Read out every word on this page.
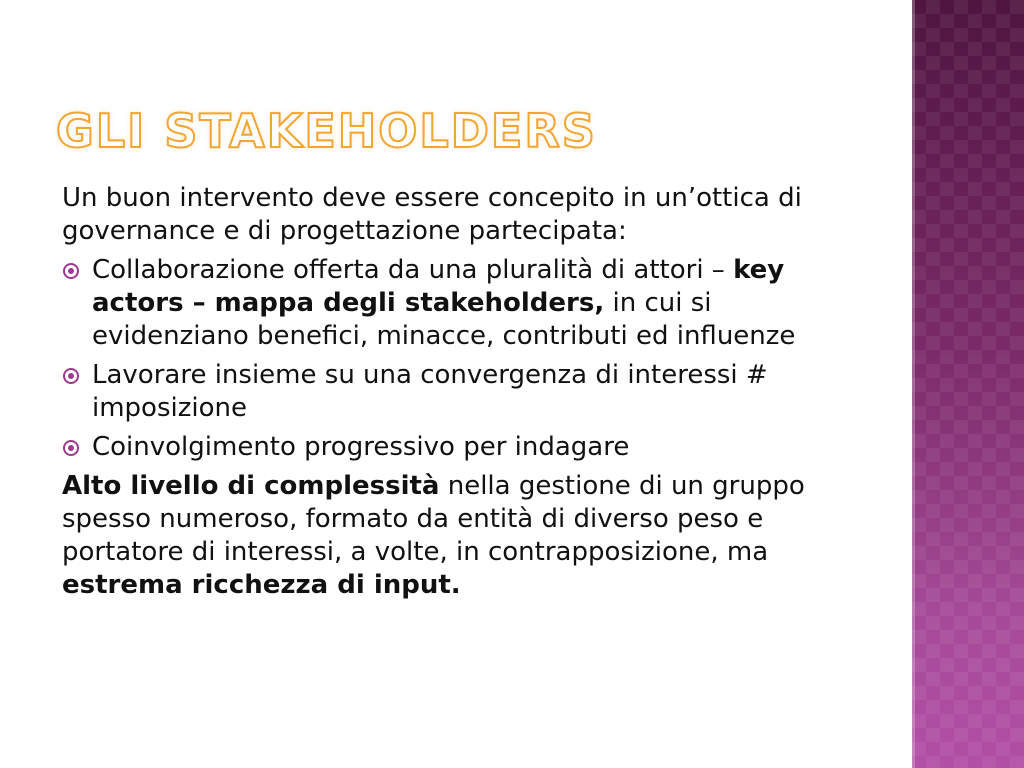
GLI STAKEHOLDERS

Un buon intervento deve essere concepito in un’ottica di governance e di progettazione partecipata:

Collaborazione offerta da una pluralità di attori – key actors – mappa degli stakeholders, in cui si evidenziano benefici, minacce, contributi ed influenze
Lavorare insieme su una convergenza di interessi # imposizione
Coinvolgimento progressivo per indagare

Alto livello di complessità nella gestione di un gruppo spesso numeroso, formato da entità di diverso peso e portatore di interessi, a volte, in contrapposizione, ma estrema ricchezza di input.
